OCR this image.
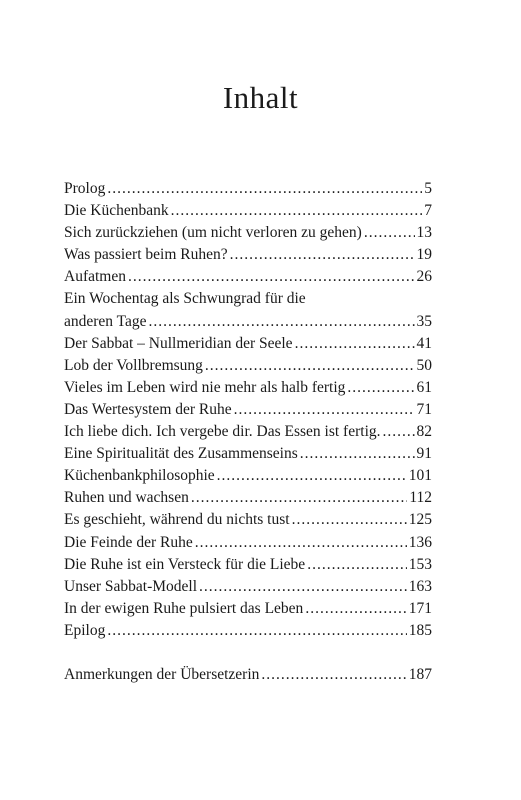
Inhalt
Prolog .....	5
Die Küchenbank .....	7
Sich zurückziehen (um nicht verloren zu gehen) .....	13
Was passiert beim Ruhen? .....	19
Aufatmen .....	26
Ein Wochentag als Schwungrad für die
anderen Tage .....	35
Der Sabbat – Nullmeridian der Seele .....	41
Lob der Vollbremsung .....	50
Vieles im Leben wird nie mehr als halb fertig .....	61
Das Wertesystem der Ruhe .....	71
Ich liebe dich. Ich vergebe dir. Das Essen ist fertig. ..... 82
Eine Spiritualität des Zusammenseins .....	91
Küchenbankphilosophie .....	101
Ruhen und wachsen .....	112
Es geschieht, während du nichts tust .....	125
Die Feinde der Ruhe .....	136
Die Ruhe ist ein Versteck für die Liebe .....	153
Unser Sabbat-Modell .....	163
In der ewigen Ruhe pulsiert das Leben .....	171
Epilog .....	185
Anmerkungen der Übersetzerin .....	187
